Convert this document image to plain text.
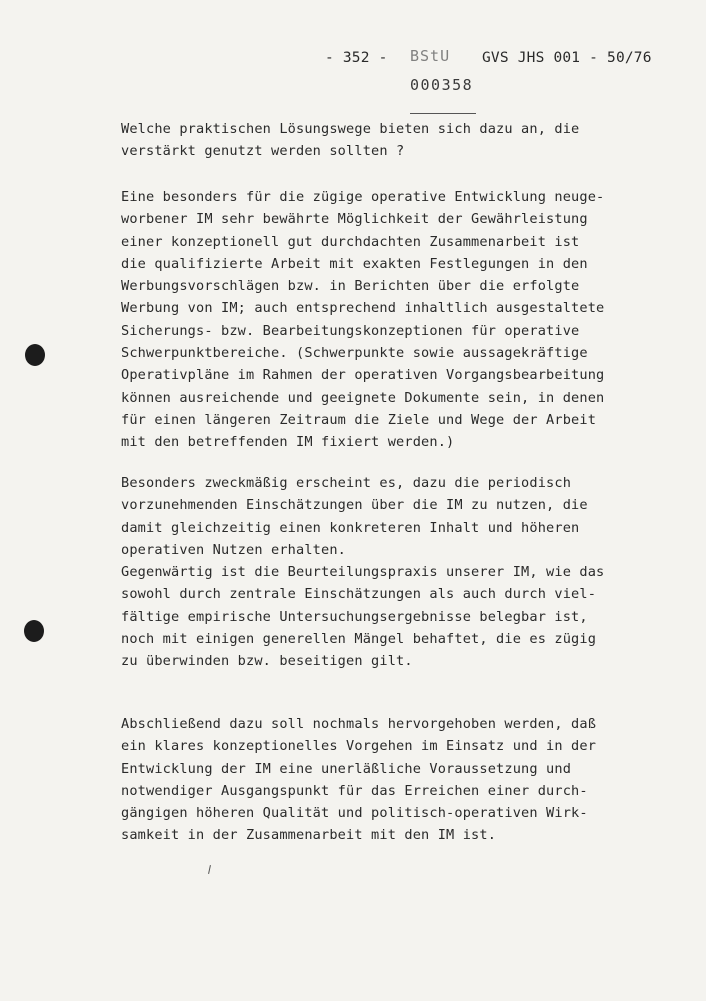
- 352 -	BStU GVS JHS 001 - 50/76
000358
Welche praktischen Lösungswege bieten sich dazu an, die
verstärkt genutzt werden sollten ?
Eine besonders für die zügige operative Entwicklung neuge-
worbener IM sehr bewährte Möglichkeit der Gewährleistung
einer konzeptionell gut durchdachten Zusammenarbeit ist
die qualifizierte Arbeit mit exakten Festlegungen in den
Werbungsvorschlägen bzw. in Berichten über die erfolgte
Werbung von IM; auch entsprechend inhaltlich ausgestaltete
Sicherungs- bzw. Bearbeitungskonzeptionen für operative
Schwerpunktbereiche. (Schwerpunkte sowie aussagekräftige
Operativpläne im Rahmen der operativen Vorgangsbearbeitung
können ausreichende und geeignete Dokumente sein, in denen
für einen längeren Zeitraum die Ziele und Wege der Arbeit
mit den betreffenden IM fixiert werden.)
Besonders zweckmäßig erscheint es, dazu die periodisch
vorzunehmenden Einschätzungen über die IM zu nutzen, die
damit gleichzeitig einen konkreteren Inhalt und höheren
operativen Nutzen erhalten.
Gegenwärtig ist die Beurteilungspraxis unserer IM, wie das
sowohl durch zentrale Einschätzungen als auch durch viel-
fältige empirische Untersuchungsergebnisse belegbar ist,
noch mit einigen generellen Mängel behaftet, die es zügig
zu überwinden bzw. beseitigen gilt.
Abschließend dazu soll nochmals hervorgehoben werden, daß
ein klares konzeptionelles Vorgehen im Einsatz und in der
Entwicklung der IM eine unerläßliche Voraussetzung und
notwendiger Ausgangspunkt für das Erreichen einer durch-
gängigen höheren Qualität und politisch-operativen Wirk-
samkeit in der Zusammenarbeit mit den IM ist.
